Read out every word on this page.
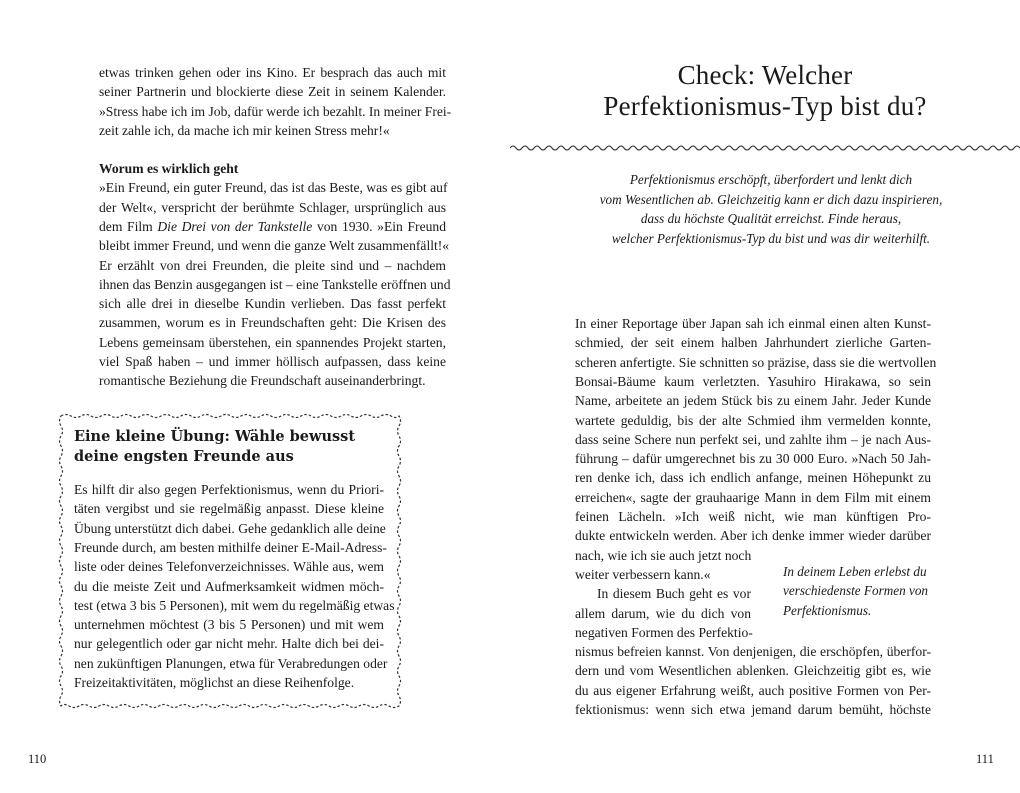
etwas trinken gehen oder ins Kino. Er besprach das auch mit
seiner Partnerin und blockierte diese Zeit in seinem Kalender.
»Stress habe ich im Job, dafür werde ich bezahlt. In meiner Frei-
zeit zahle ich, da mache ich mir keinen Stress mehr!«
Worum es wirklich geht
»Ein Freund, ein guter Freund, das ist das Beste, was es gibt auf
der Welt«, verspricht der berühmte Schlager, ursprünglich aus
dem Film Die Drei von der Tankstelle von 1930. »Ein Freund
bleibt immer Freund, und wenn die ganze Welt zusammenfällt!«
Er erzählt von drei Freunden, die pleite sind und – nachdem
ihnen das Benzin ausgegangen ist – eine Tankstelle eröffnen und
sich alle drei in dieselbe Kundin verlieben. Das fasst perfekt
zusammen, worum es in Freundschaften geht: Die Krisen des
Lebens gemeinsam überstehen, ein spannendes Projekt starten,
viel Spaß haben – und immer höllisch aufpassen, dass keine
romantische Beziehung die Freundschaft auseinanderbringt.
Eine kleine Übung: Wähle bewusst deine engsten Freunde aus
Es hilft dir also gegen Perfektionismus, wenn du Priori-
täten vergibst und sie regelmäßig anpasst. Diese kleine
Übung unterstützt dich dabei. Gehe gedanklich alle deine
Freunde durch, am besten mithilfe deiner E-Mail-Adress-
liste oder deines Telefonverzeichnisses. Wähle aus, wem
du die meiste Zeit und Aufmerksamkeit widmen möch-
test (etwa 3 bis 5 Personen), mit wem du regelmäßig etwas
unternehmen möchtest (3 bis 5 Personen) und mit wem
nur gelegentlich oder gar nicht mehr. Halte dich bei dei-
nen zukünftigen Planungen, etwa für Verabredungen oder
Freizeitaktivitäten, möglichst an diese Reihenfolge.
110
Check: Welcher
Perfektionismus-Typ bist du?
Perfektionismus erschöpft, überfordert und lenkt dich
vom Wesentlichen ab. Gleichzeitig kann er dich dazu inspirieren,
dass du höchste Qualität erreichst. Finde heraus,
welcher Perfektionismus-Typ du bist und was dir weiterhilft.
In einer Reportage über Japan sah ich einmal einen alten Kunst-
schmied, der seit einem halben Jahrhundert zierliche Garten-
scheren anfertigte. Sie schnitten so präzise, dass sie die wertvollen
Bonsai-Bäume kaum verletzten. Yasuhiro Hirakawa, so sein
Name, arbeitete an jedem Stück bis zu einem Jahr. Jeder Kunde
wartete geduldig, bis der alte Schmied ihm vermelden konnte,
dass seine Schere nun perfekt sei, und zahlte ihm – je nach Aus-
führung – dafür umgerechnet bis zu 30 000 Euro. »Nach 50 Jah-
ren denke ich, dass ich endlich anfange, meinen Höhepunkt zu
erreichen«, sagte der grauhaarige Mann in dem Film mit einem
feinen Lächeln. »Ich weiß nicht, wie man künftigen Pro-
dukte entwickeln werden. Aber ich denke immer wieder darüber
nach, wie ich sie auch jetzt noch
weiter verbessern kann.«
In diesem Buch geht es vor
allem darum, wie du dich von
negativen Formen des Perfektio-
nismus befreien kannst. Von denjenigen, die erschöpfen, überfor-
dern und vom Wesentlichen ablenken. Gleichzeitig gibt es, wie
du aus eigener Erfahrung weißt, auch positive Formen von Per-
fektionismus: wenn sich etwa jemand darum bemüht, höchste
In deinem Leben erlebst du
verschiedenste Formen von
Perfektionismus.
111
